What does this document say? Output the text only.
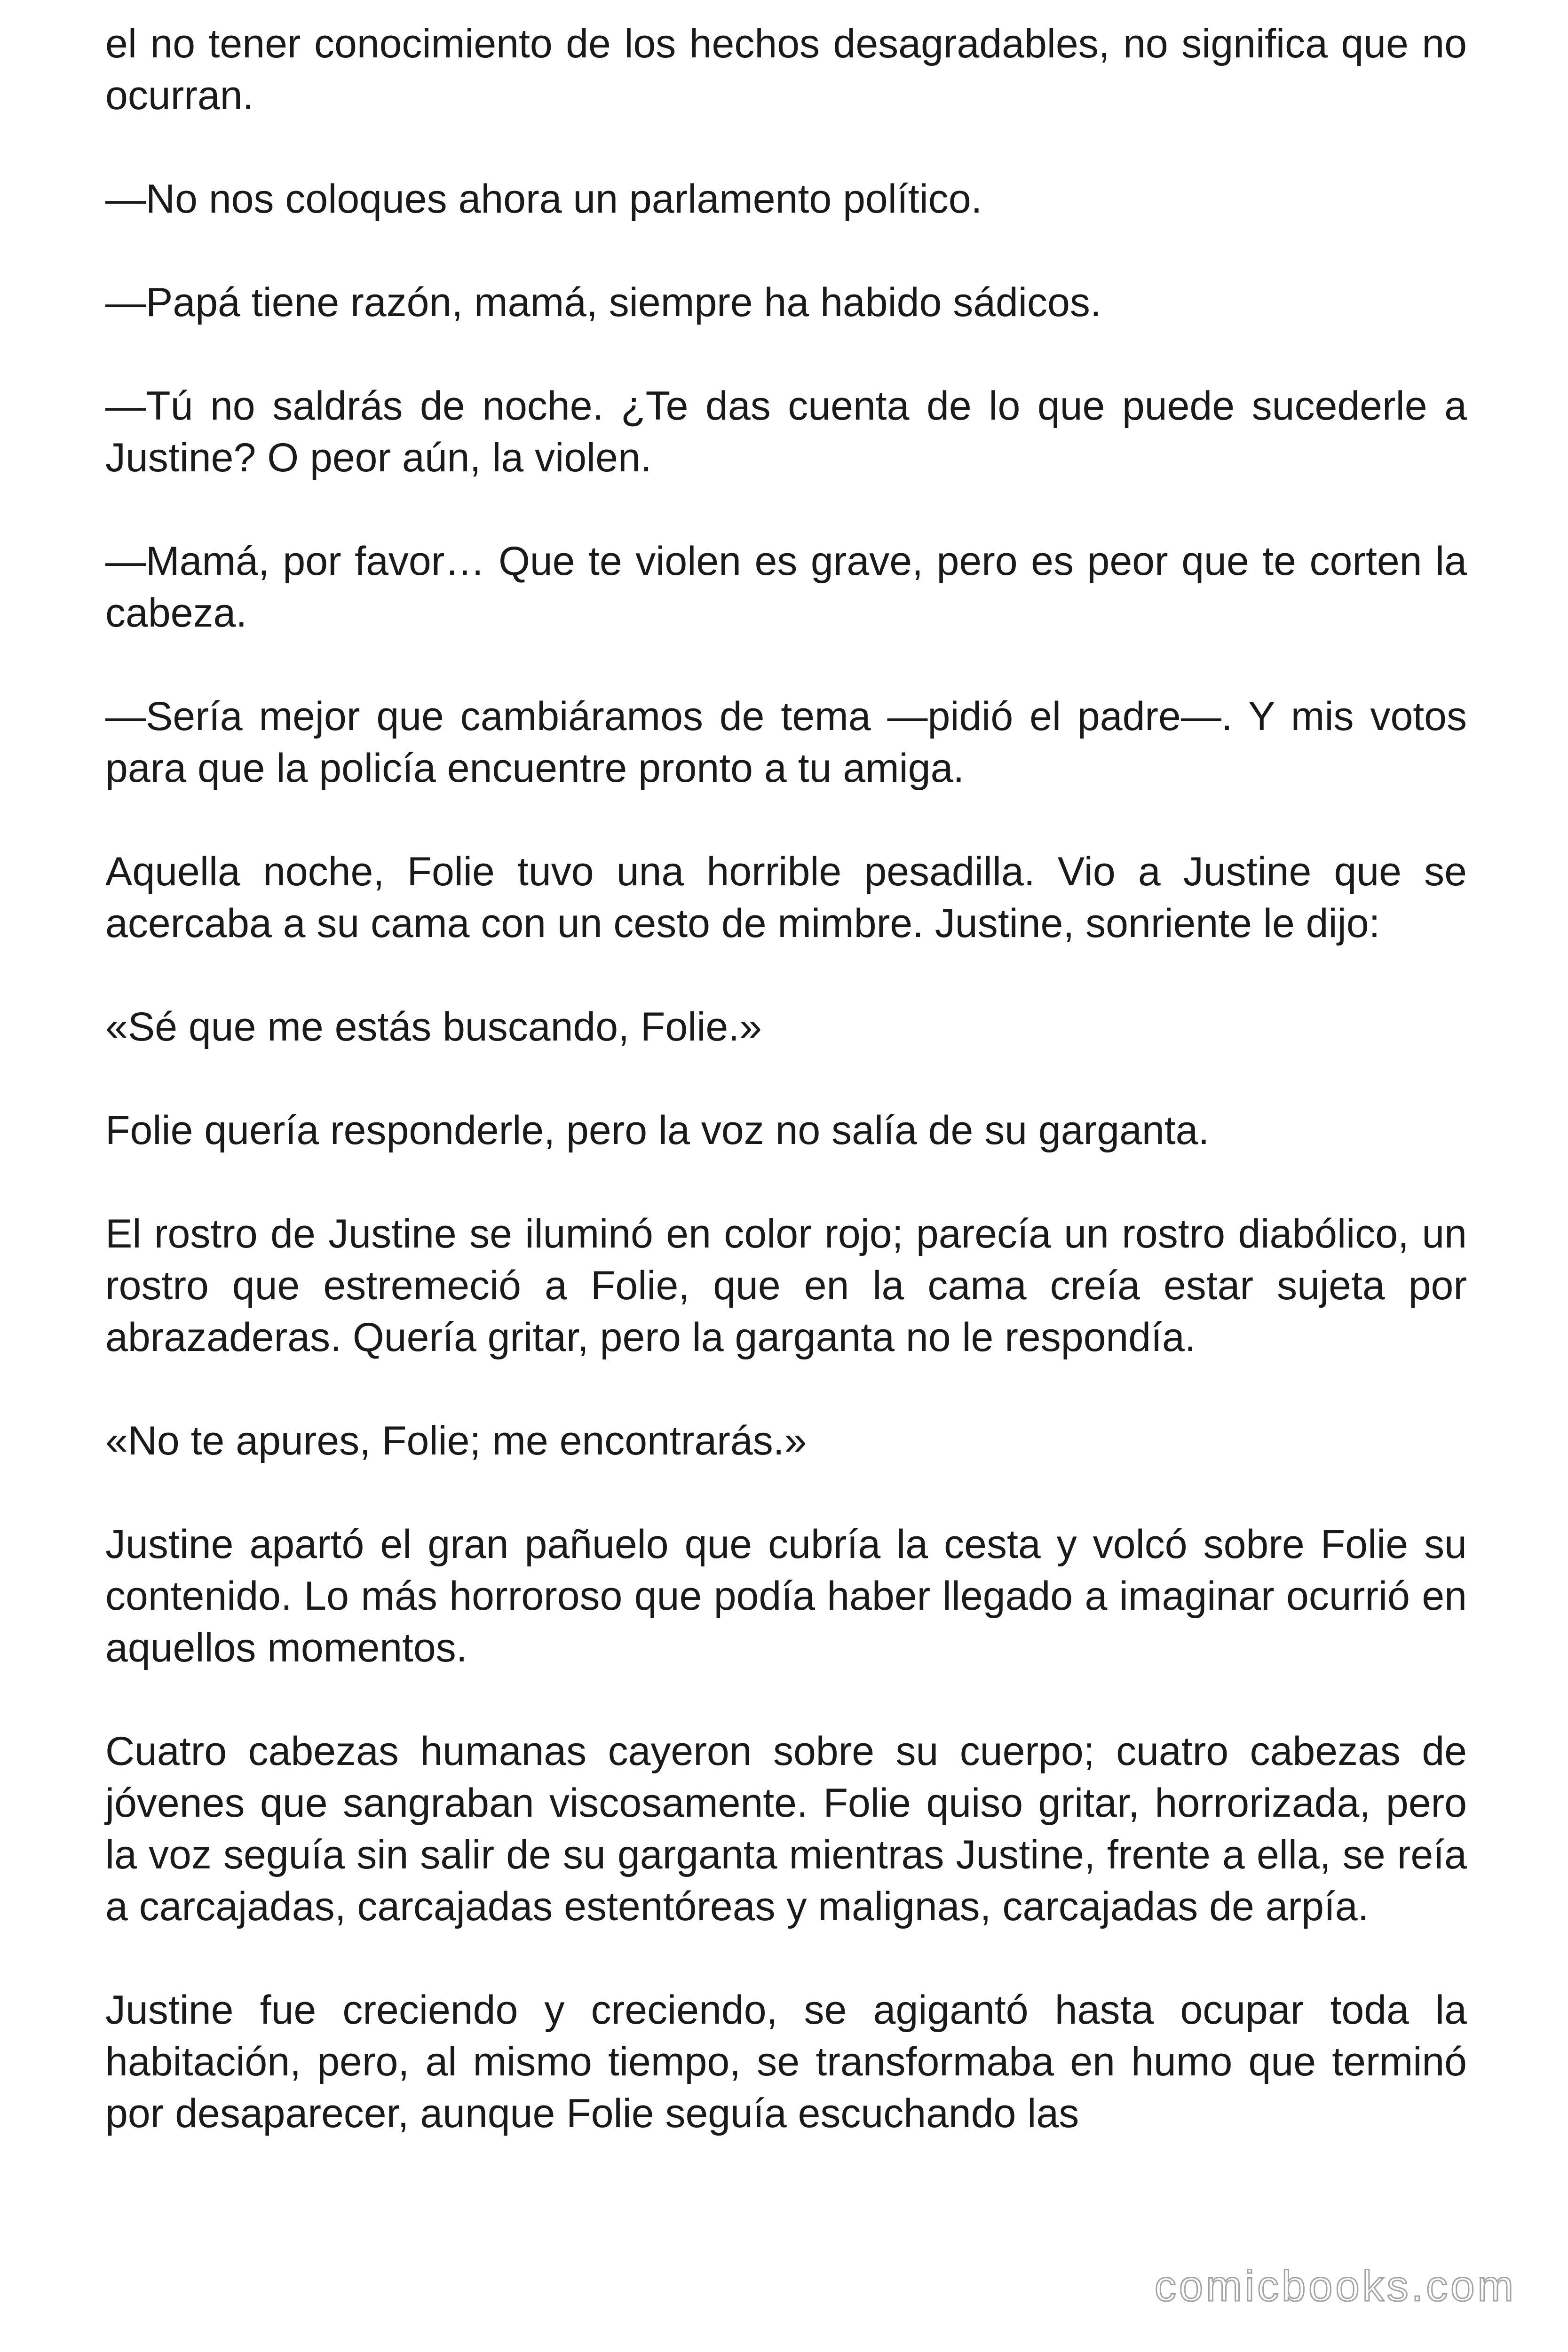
el no tener conocimiento de los hechos desagradables, no significa que no ocurran.

—No nos coloques ahora un parlamento político.

—Papá tiene razón, mamá, siempre ha habido sádicos.

—Tú no saldrás de noche. ¿Te das cuenta de lo que puede sucederle a Justine? O peor aún, la violen.

—Mamá, por favor… Que te violen es grave, pero es peor que te corten la cabeza.

—Sería mejor que cambiáramos de tema —pidió el padre—. Y mis votos para que la policía encuentre pronto a tu amiga.

Aquella noche, Folie tuvo una horrible pesadilla. Vio a Justine que se acercaba a su cama con un cesto de mimbre. Justine, sonriente le dijo:

«Sé que me estás buscando, Folie.»

Folie quería responderle, pero la voz no salía de su garganta.

El rostro de Justine se iluminó en color rojo; parecía un rostro diabólico, un rostro que estremeció a Folie, que en la cama creía estar sujeta por abrazaderas. Quería gritar, pero la garganta no le respondía.

«No te apures, Folie; me encontrarás.»

Justine apartó el gran pañuelo que cubría la cesta y volcó sobre Folie su contenido. Lo más horroroso que podía haber llegado a imaginar ocurrió en aquellos momentos.

Cuatro cabezas humanas cayeron sobre su cuerpo; cuatro cabezas de jóvenes que sangraban viscosamente. Folie quiso gritar, horrorizada, pero la voz seguía sin salir de su garganta mientras Justine, frente a ella, se reía a carcajadas, carcajadas estentóreas y malignas, carcajadas de arpía.

Justine fue creciendo y creciendo, se agigantó hasta ocupar toda la habitación, pero, al mismo tiempo, se transformaba en humo que terminó por desaparecer, aunque Folie seguía escuchando las

comicbooks.com
